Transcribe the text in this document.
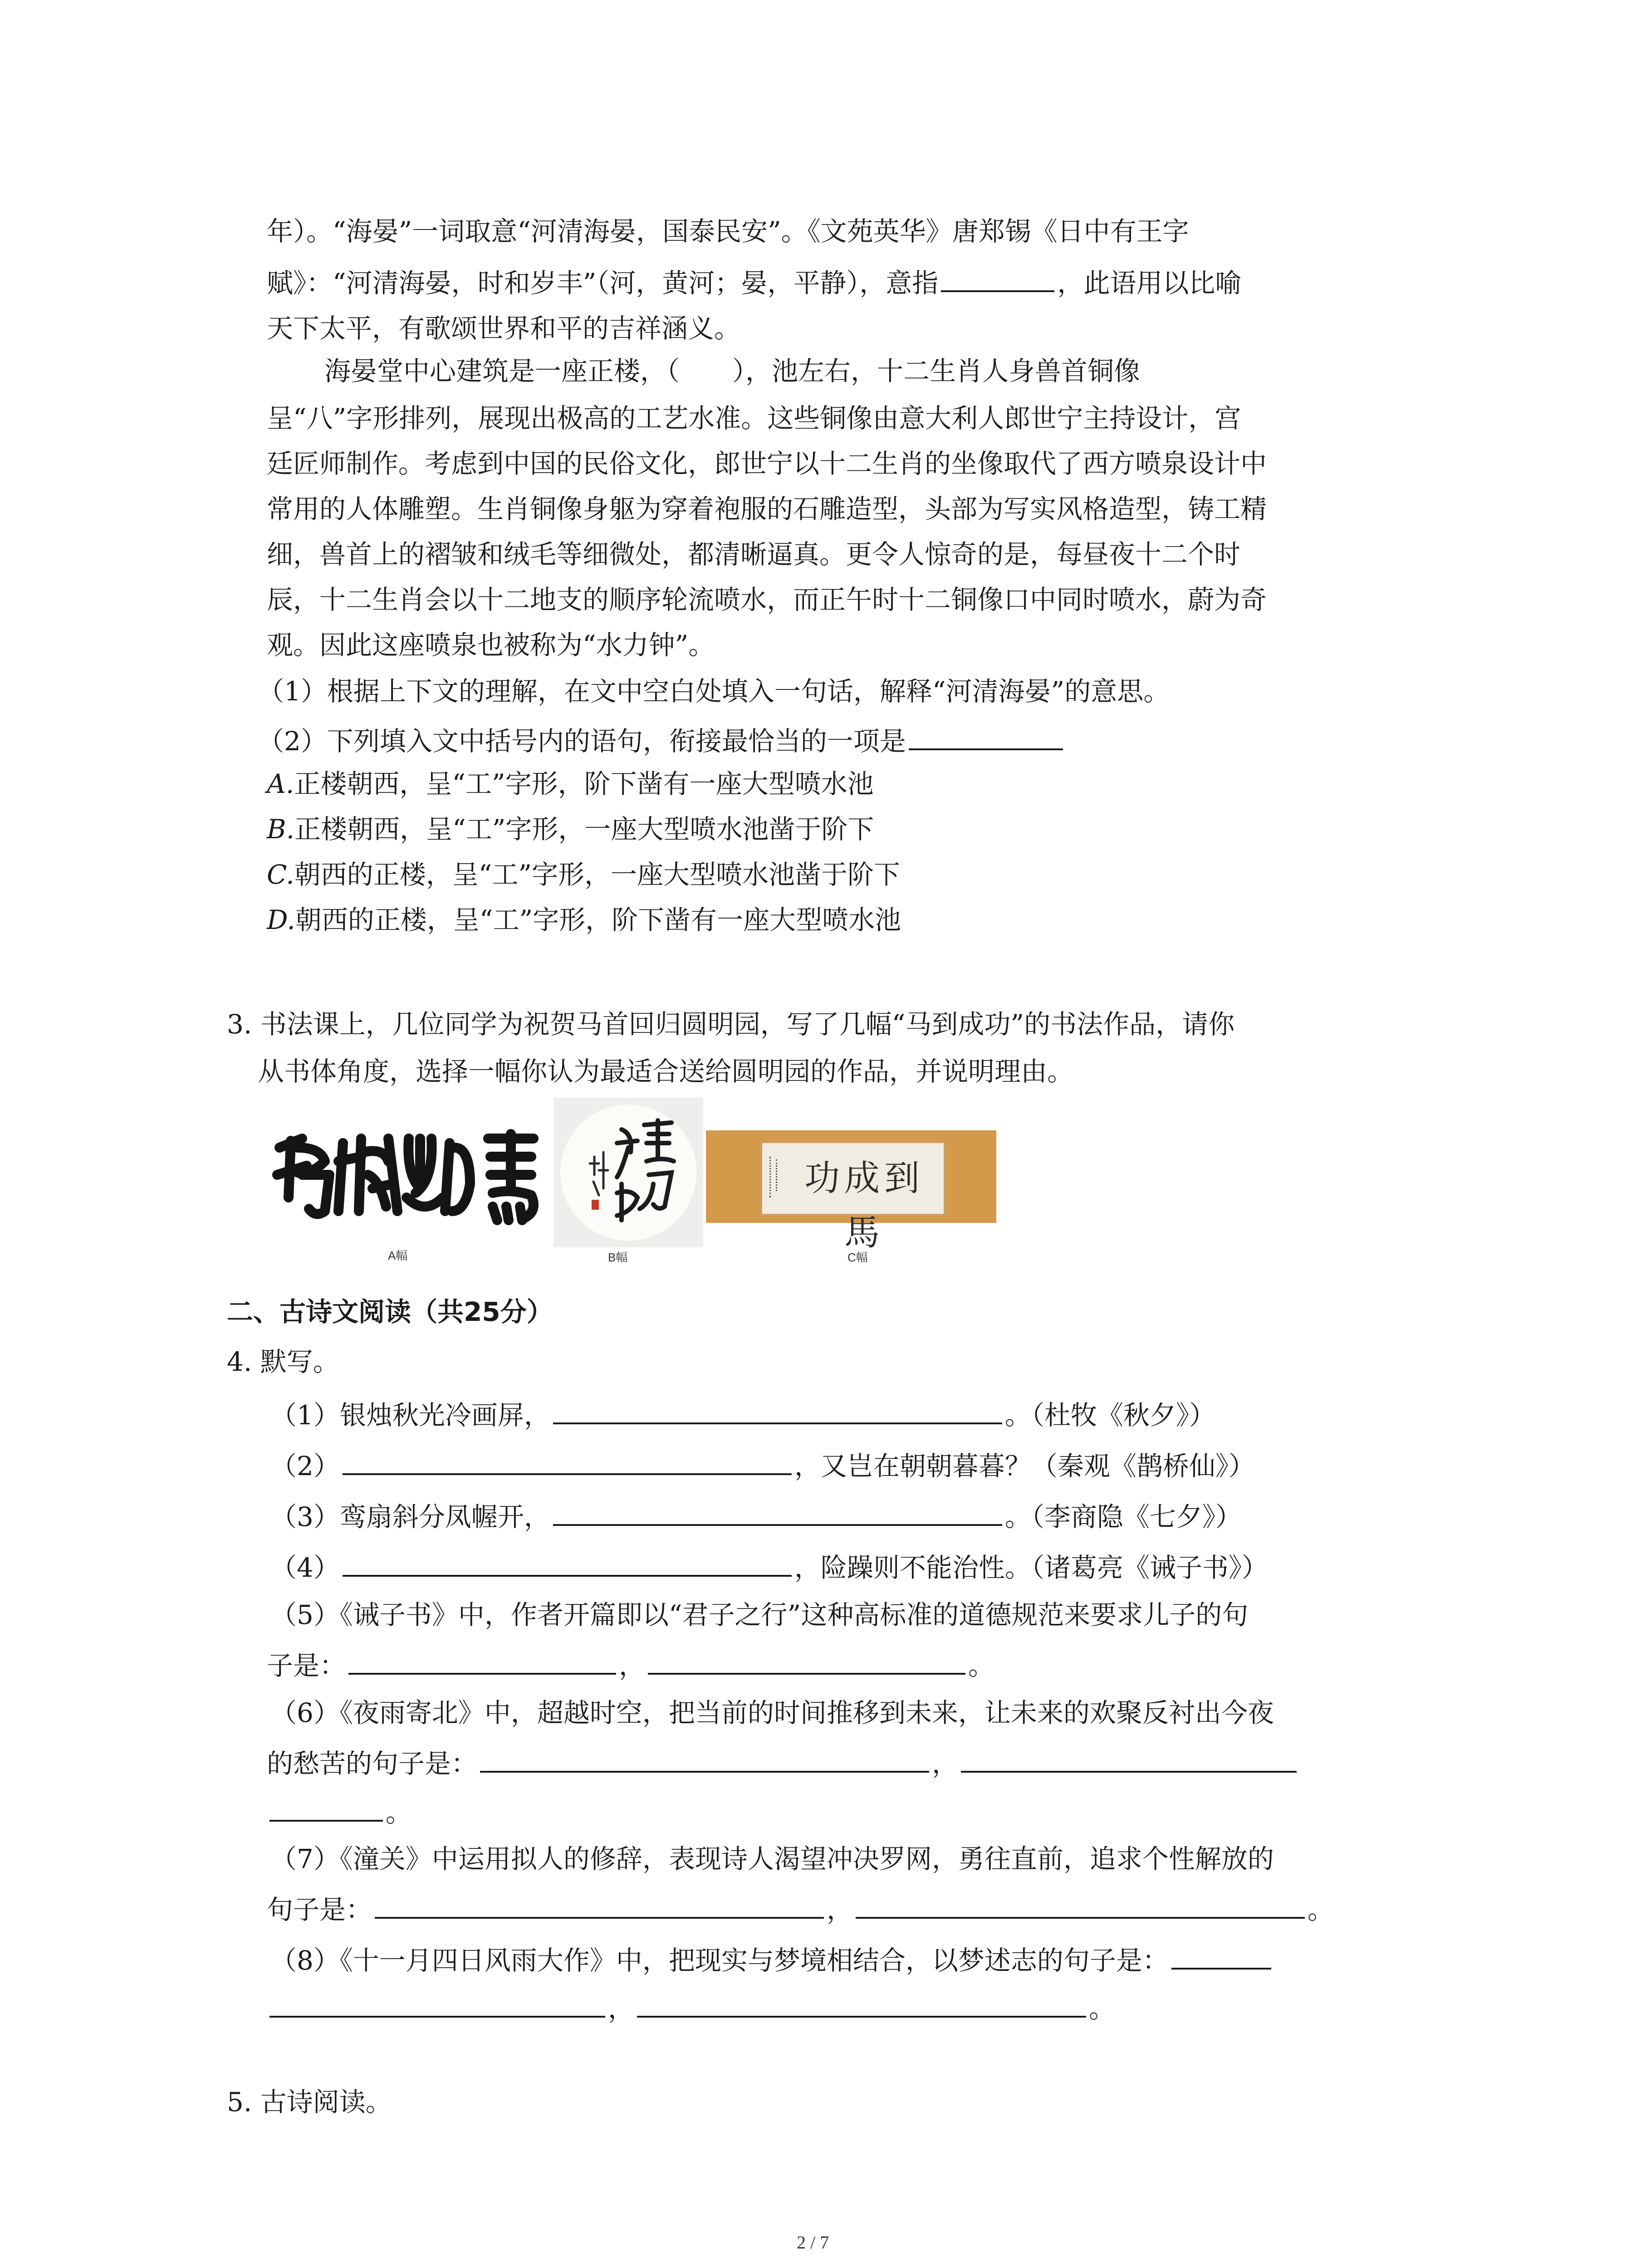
年）。“海晏”一词取意“河清海晏，国泰民安”。《文苑英华》唐郑锡《日中有王字
赋》：“河清海晏，时和岁丰”（河，黄河；晏，平静），意指	，此语用以比喻
天下太平，有歌颂世界和平的吉祥涵义。
海晏堂中心建筑是一座正楼，（　　），池左右，十二生肖人身兽首铜像
呈“八”字形排列，展现出极高的工艺水准。这些铜像由意大利人郎世宁主持设计，宫
廷匠师制作。考虑到中国的民俗文化，郎世宁以十二生肖的坐像取代了西方喷泉设计中
常用的人体雕塑。生肖铜像身躯为穿着袍服的石雕造型，头部为写实风格造型，铸工精
细，兽首上的褶皱和绒毛等细微处，都清晰逼真。更令人惊奇的是，每昼夜十二个时
辰，十二生肖会以十二地支的顺序轮流喷水，而正午时十二铜像口中同时喷水，蔚为奇
观。因此这座喷泉也被称为“水力钟”。
（1）根据上下文的理解，在文中空白处填入一句话，解释“河清海晏”的意思。
（2）下列填入文中括号内的语句，衔接最恰当的一项是
A.正楼朝西，呈“工”字形，阶下凿有一座大型喷水池
B.正楼朝西，呈“工”字形，一座大型喷水池凿于阶下
C.朝西的正楼，呈“工”字形，一座大型喷水池凿于阶下
D.朝西的正楼，呈“工”字形，阶下凿有一座大型喷水池
3. 书法课上，几位同学为祝贺马首回归圆明园，写了几幅“马到成功”的书法作品，请你
从书体角度，选择一幅你认为最适合送给圆明园的作品，并说明理由。
A幅	B幅
功成到馬
C幅
二、古诗文阅读（共25分）
4. 默写。
（1）银烛秋光冷画屏，	。（杜牧《秋夕》）
（2）	，又岂在朝朝暮暮？（秦观《鹊桥仙》）
（3）鸾扇斜分凤幄开，	。（李商隐《七夕》）
（4）	，险躁则不能治性。（诸葛亮《诫子书》）
（5）《诫子书》中，作者开篇即以“君子之行”这种高标准的道德规范来要求儿子的句
子是：	，	。
（6）《夜雨寄北》中，超越时空，把当前的时间推移到未来，让未来的欢聚反衬出今夜
的愁苦的句子是：	，
。
（7）《潼关》中运用拟人的修辞，表现诗人渴望冲决罗网，勇往直前，追求个性解放的
句子是：	，	。
（8）《十一月四日风雨大作》中，把现实与梦境相结合，以梦述志的句子是：
，	。
5. 古诗阅读。
2 / 7
